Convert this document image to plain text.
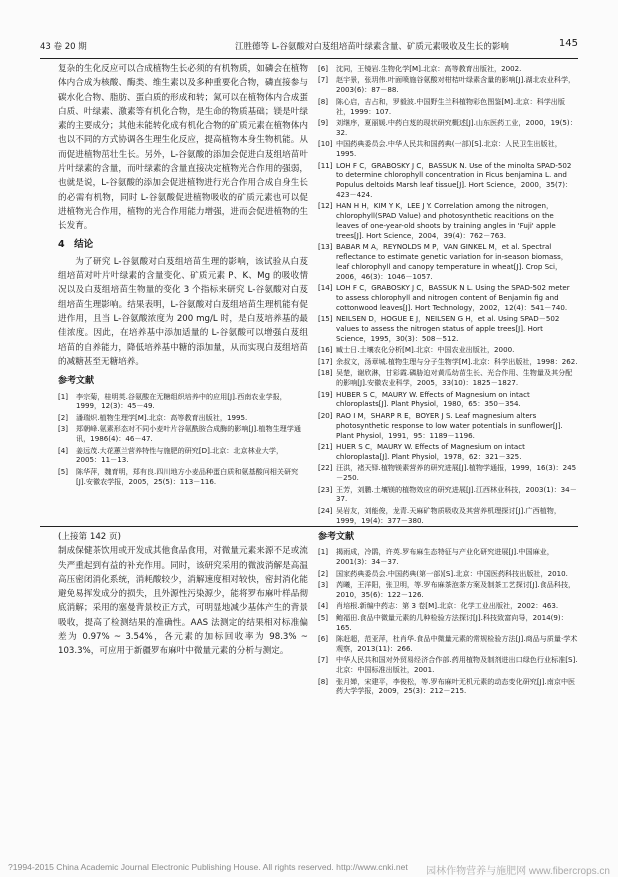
43 卷 20 期	江胜德等 L-谷氨酸对白芨组培苗叶绿素含量、矿质元素吸收及生长的影响	145

复杂的生化反应可以合成植物生长必须的有机物质，如磷会在植物体内合成为核酸、酶类、维生素以及多种重要化合物，磷直接参与碳水化合物、脂肪、蛋白质的形成和转；氮可以在植物体内合成蛋白质、叶绿素、激素等有机化合物，是生命的物质基础；镁是叶绿素的主要成分；其他未能转化成有机化合物的矿质元素在植物体内也以不同的方式协调各生理生化反应，提高植物本身生物机能。从而促进植物茁壮生长。另外，L-谷氨酸的添加会促进白芨组培苗叶片叶绿素的含量，而叶绿素的含量直接决定植物光合作用的强弱，也就是说，L-谷氨酸的添加会促进植物进行光合作用合成自身生长的必需有机物，同时 L-谷氨酸促进植物吸收的矿质元素也可以促进植物光合作用，植物的光合作用能力增强，进而会促进植物的生长发育。

4　结论

为了研究 L-谷氨酸对白芨组培苗生理的影响，该试验从白芨组培苗对叶片叶绿素的含量变化、矿质元素 P、K、Mg 的吸收情况以及白芨组培苗生物量的变化 3 个指标来研究 L-谷氨酸对白芨组培苗生理影响。结果表明，L-谷氨酸对白芨组培苗生理机能有促进作用，且当 L-谷氨酸浓度为 200 mg/L 时，是白芨培养基的最佳浓度。因此，在培养基中添加适量的 L-谷氨酸可以增强白芨组培苗的自养能力，降低培养基中糖的添加量，从而实现白芨组培苗的减糖甚至无糖培养。

参考文献
[1]	李宗菊，桂明英.谷氨酸在无糖组织培养中的应用[J].西南农业学报，1999，12(3)：45－49.
[2]	潘瑞炽.植物生理学[M].北京：高等教育出版社，1995.
[3]	郑朝峰.氨素形态对不同小麦叶片谷氨酰胺合成酶的影响[J].植物生理学通讯，1986(4)：46－47.
[4]	姜远茂.大花蕙兰营养特性与施肥的研究[D].北京：北京林业大学，2005：11－13.
[5]	陈华萍，魏育明，郑有良.四川地方小麦品种蛋白质和氨基酸问相关研究[J].安徽农学报，2005，25(5)：113－116.
[6]	沈同，王镜岩.生物化学[M].北京：高等教育出版社，2002.
[7]	赵宇景，张玥伟.叶面喷施谷氨酸对柑桔叶绿素含量的影响[J].湖北农业科学，2003(6)：87－88.
[8]	陈心启，吉占和，罗毅波.中国野生兰科植物彩色图鉴[M].北京：科学出版社，1999：107.
[9]	刘继序，夏丽媛.中药白芨的现状研究概述[J].山东医药工业，2000，19(5)：32.
[10] 中国药典委员会.中华人民共和国药典(一部)[S].北京：人民卫生出版社，1995.
[11] LOH F C，GRABOSKY J C，BASSUK N. Use of the minolta SPAD-502 to determine chlorophyll concentration in Ficus benjamina L. and Populus deltoids Marsh leaf tissue[J]. Hort Science，2000，35(7)：423－424.
[12] HAN H H，KIM Y K，LEE J Y. Correlation among the nitrogen，chlorophyll(SPAD Value) and photosynthetic reacitions on the leaves of one-year-old shoots by training angles in 'Fuji' apple trees[J]. Hort Science，2004，39(4)：762－763.
[13] BABAR M A，REYNOLDS M P，VAN GINKEL M，et al. Spectral reflectance to estimate genetic variation for in-season biomass，leaf chlorophyll and canopy temperature in wheat[J]. Crop Sci，2006，46(3)：1046－1057.
[14] LOH F C，GRABOSKY J C，BASSUK N L. Using the SPAD-502 meter to assess chlorophyll and nitrogen content of Benjamin fig and cottonwood leaves[J]. Hort Technology，2002，12(4)：541－740.
[15] NEILSEN D，HOGUE E J，NEILSEN G H，et al. Using SPAD－502 values to assess the nitrogen status of apple trees[J]. Hort Science，1995，30(3)：508－512.
[16] 臧士日.土壤农化分析[M].北京：中国农业出版社，2000.
[17] 余叔文，汤章城.植物生理与分子生物学[M].北京：科学出版社，1998：262.
[18] 吴楚，谢欣淋，甘彩霞.磷胁迫对黄瓜幼苗生长、光合作用、生物量及其分配的影响[J].安徽农业科学，2005，33(10)：1825－1827.
[19] HUBER S C，MAURY W. Effects of Magnesium on intact chloroplasts[J]. Plant Physiol，1980，65：350－354.
[20] RAO I M，SHARP R E，BOYER J S. Leaf magnesium alters photosynthetic response to low water potentials in sunflower[J]. Plant Physiol，1991，95：1189－1196.
[21] HUER S C，MAURY W. Effects of Magnesium on intact chloroplasta[J]. Plant Physiol，1978，62：321－325.
[22] 汪洪，褚天铎.植物镁素营养的研究进展[J].植物学通报，1999，16(3)：245－250.
[23] 王芳，刘鹏.土壤镁的植物效应的研究进展[J].江西林业科技，2003(1)：34－37.
[24] 吴岩友，刘能俊，龙青.天麻矿物质吸收及其营养机理探讨[J].广西植物，1999，19(4)：377－380.

(上接第 142 页)

制成保健茶饮用或开发成其他食品食用，对微量元素来源不足或流失严重起到有益的补充作用。同时，该研究采用的微波消解是高温高压密闭消化系统，消耗酸较少，消解速度相对较快，密封消化能避免易挥发成分的损失，且外源性污染源少，能将罗布麻叶样品彻底消解；采用的塞曼背景校正方式，可明显地减少基体产生的背景吸收，提高了检测结果的准确性。AAS 法测定的结果相对标准偏差为 0.97% ~ 3.54%，各元素的加标回收率为 98.3% ~ 103.3%，可应用于新疆罗布麻叶中微量元素的分析与测定。

参考文献
[1]	揭雨成，冷鹃，许英.罗布麻生态特征与产业化研究进展[J].中国麻业，2001(3)：34－37.
[2]	国家药典委员会.中国药典(第一部)[S].北京：中国医药科技出版社，2010.
[3]	芮曦，王洋阳，张卫明，等.罗布麻茶泡茶方案及制茶工艺探讨[J].食品科技，2010，35(6)：122－126.
[4]	肖培根.新编中药志：第 3 卷[M].北京：化学工业出版社，2002：463.
[5]	鲍福田.食品中微量元素的几种检验方法探讨[J].科技致富向导，2014(9)：165.
[6]	陈赶超，范亚萍，杜肖华.食品中微量元素的常规检验方法[J].商品与质量·学术观察，2013(11)：266.
[7]	中华人民共和国对外贸易经济合作部.药用植物及制剂进出口绿色行业标准[S].北京：中国标准出版社，2001.
[8]	张月婵，宋建平，李俊松，等.罗布麻叶无机元素的动态变化研究[J].南京中医药大学学报，2009，25(3)：212－215.
?1994-2015 China Academic Journal Electronic Publishing House. All rights reserved. http://www.cnki.net 园林作物营养与施肥网 www.fibercrops.cn
